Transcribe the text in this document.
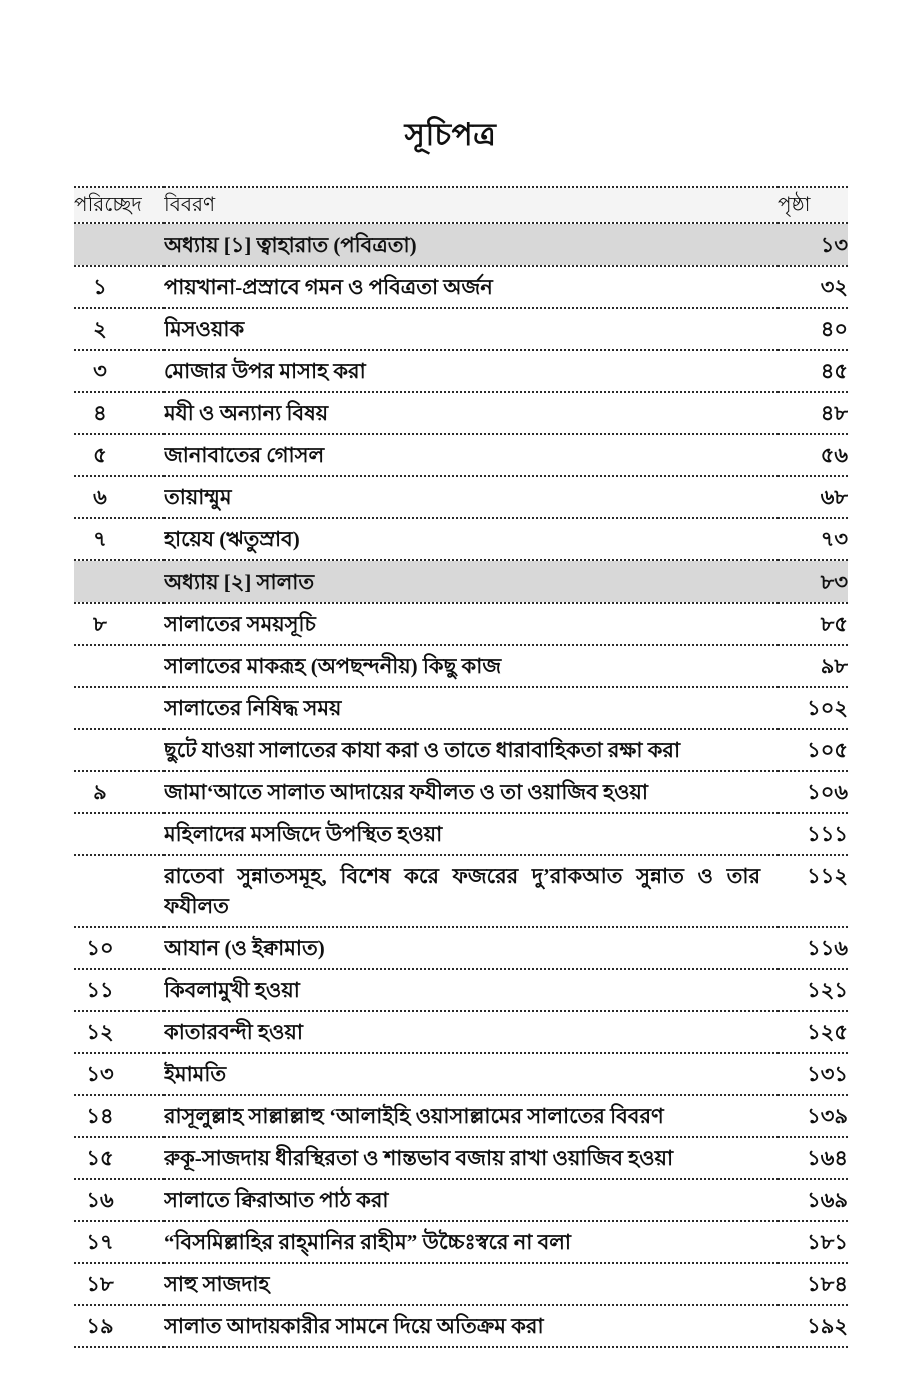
সূচিপত্র
পরিচ্ছেদ	বিবরণ	পৃষ্ঠা
	অধ্যায় [১] ত্বাহারাত (পবিত্রতা)	১৩
১	পায়খানা-প্রস্রাবে গমন ও পবিত্রতা অর্জন	৩২
২	মিসওয়াক	৪০
৩	মোজার উপর মাসাহ করা	৪৫
৪	মযী ও অন্যান্য বিষয়	৪৮
৫	জানাবাতের গোসল	৫৬
৬	তায়াম্মুম	৬৮
৭	হায়েয (ঋতুস্রাব)	৭৩
	অধ্যায় [২] সালাত	৮৩
৮	সালাতের সময়সূচি	৮৫
	সালাতের মাকরূহ (অপছন্দনীয়) কিছু কাজ	৯৮
	সালাতের নিষিদ্ধ সময়	১০২
	ছুটে যাওয়া সালাতের কাযা করা ও তাতে ধারাবাহিকতা রক্ষা করা	১০৫
৯	জামা‘আতে সালাত আদায়ের ফযীলত ও তা ওয়াজিব হওয়া	১০৬
	মহিলাদের মসজিদে উপস্থিত হওয়া	১১১
	রাতেবা সুন্নাতসমূহ, বিশেষ করে ফজরের দু’রাকআত সুন্নাত ও তার ফযীলত	১১২
১০	আযান (ও ইক্বামাত)	১১৬
১১	কিবলামুখী হওয়া	১২১
১২	কাতারবন্দী হওয়া	১২৫
১৩	ইমামতি	১৩১
১৪	রাসূলুল্লাহ সাল্লাল্লাহু ‘আলাইহি ওয়াসাল্লামের সালাতের বিবরণ	১৩৯
১৫	রুকূ-সাজদায় ধীরস্থিরতা ও শান্তভাব বজায় রাখা ওয়াজিব হওয়া	১৬৪
১৬	সালাতে ক্বিরাআত পাঠ করা	১৬৯
১৭	“বিসমিল্লাহির রাহ্‌মানির রাহীম” উচ্চৈঃস্বরে না বলা	১৮১
১৮	সাহু সাজদাহ	১৮৪
১৯	সালাত আদায়কারীর সামনে দিয়ে অতিক্রম করা	১৯২
